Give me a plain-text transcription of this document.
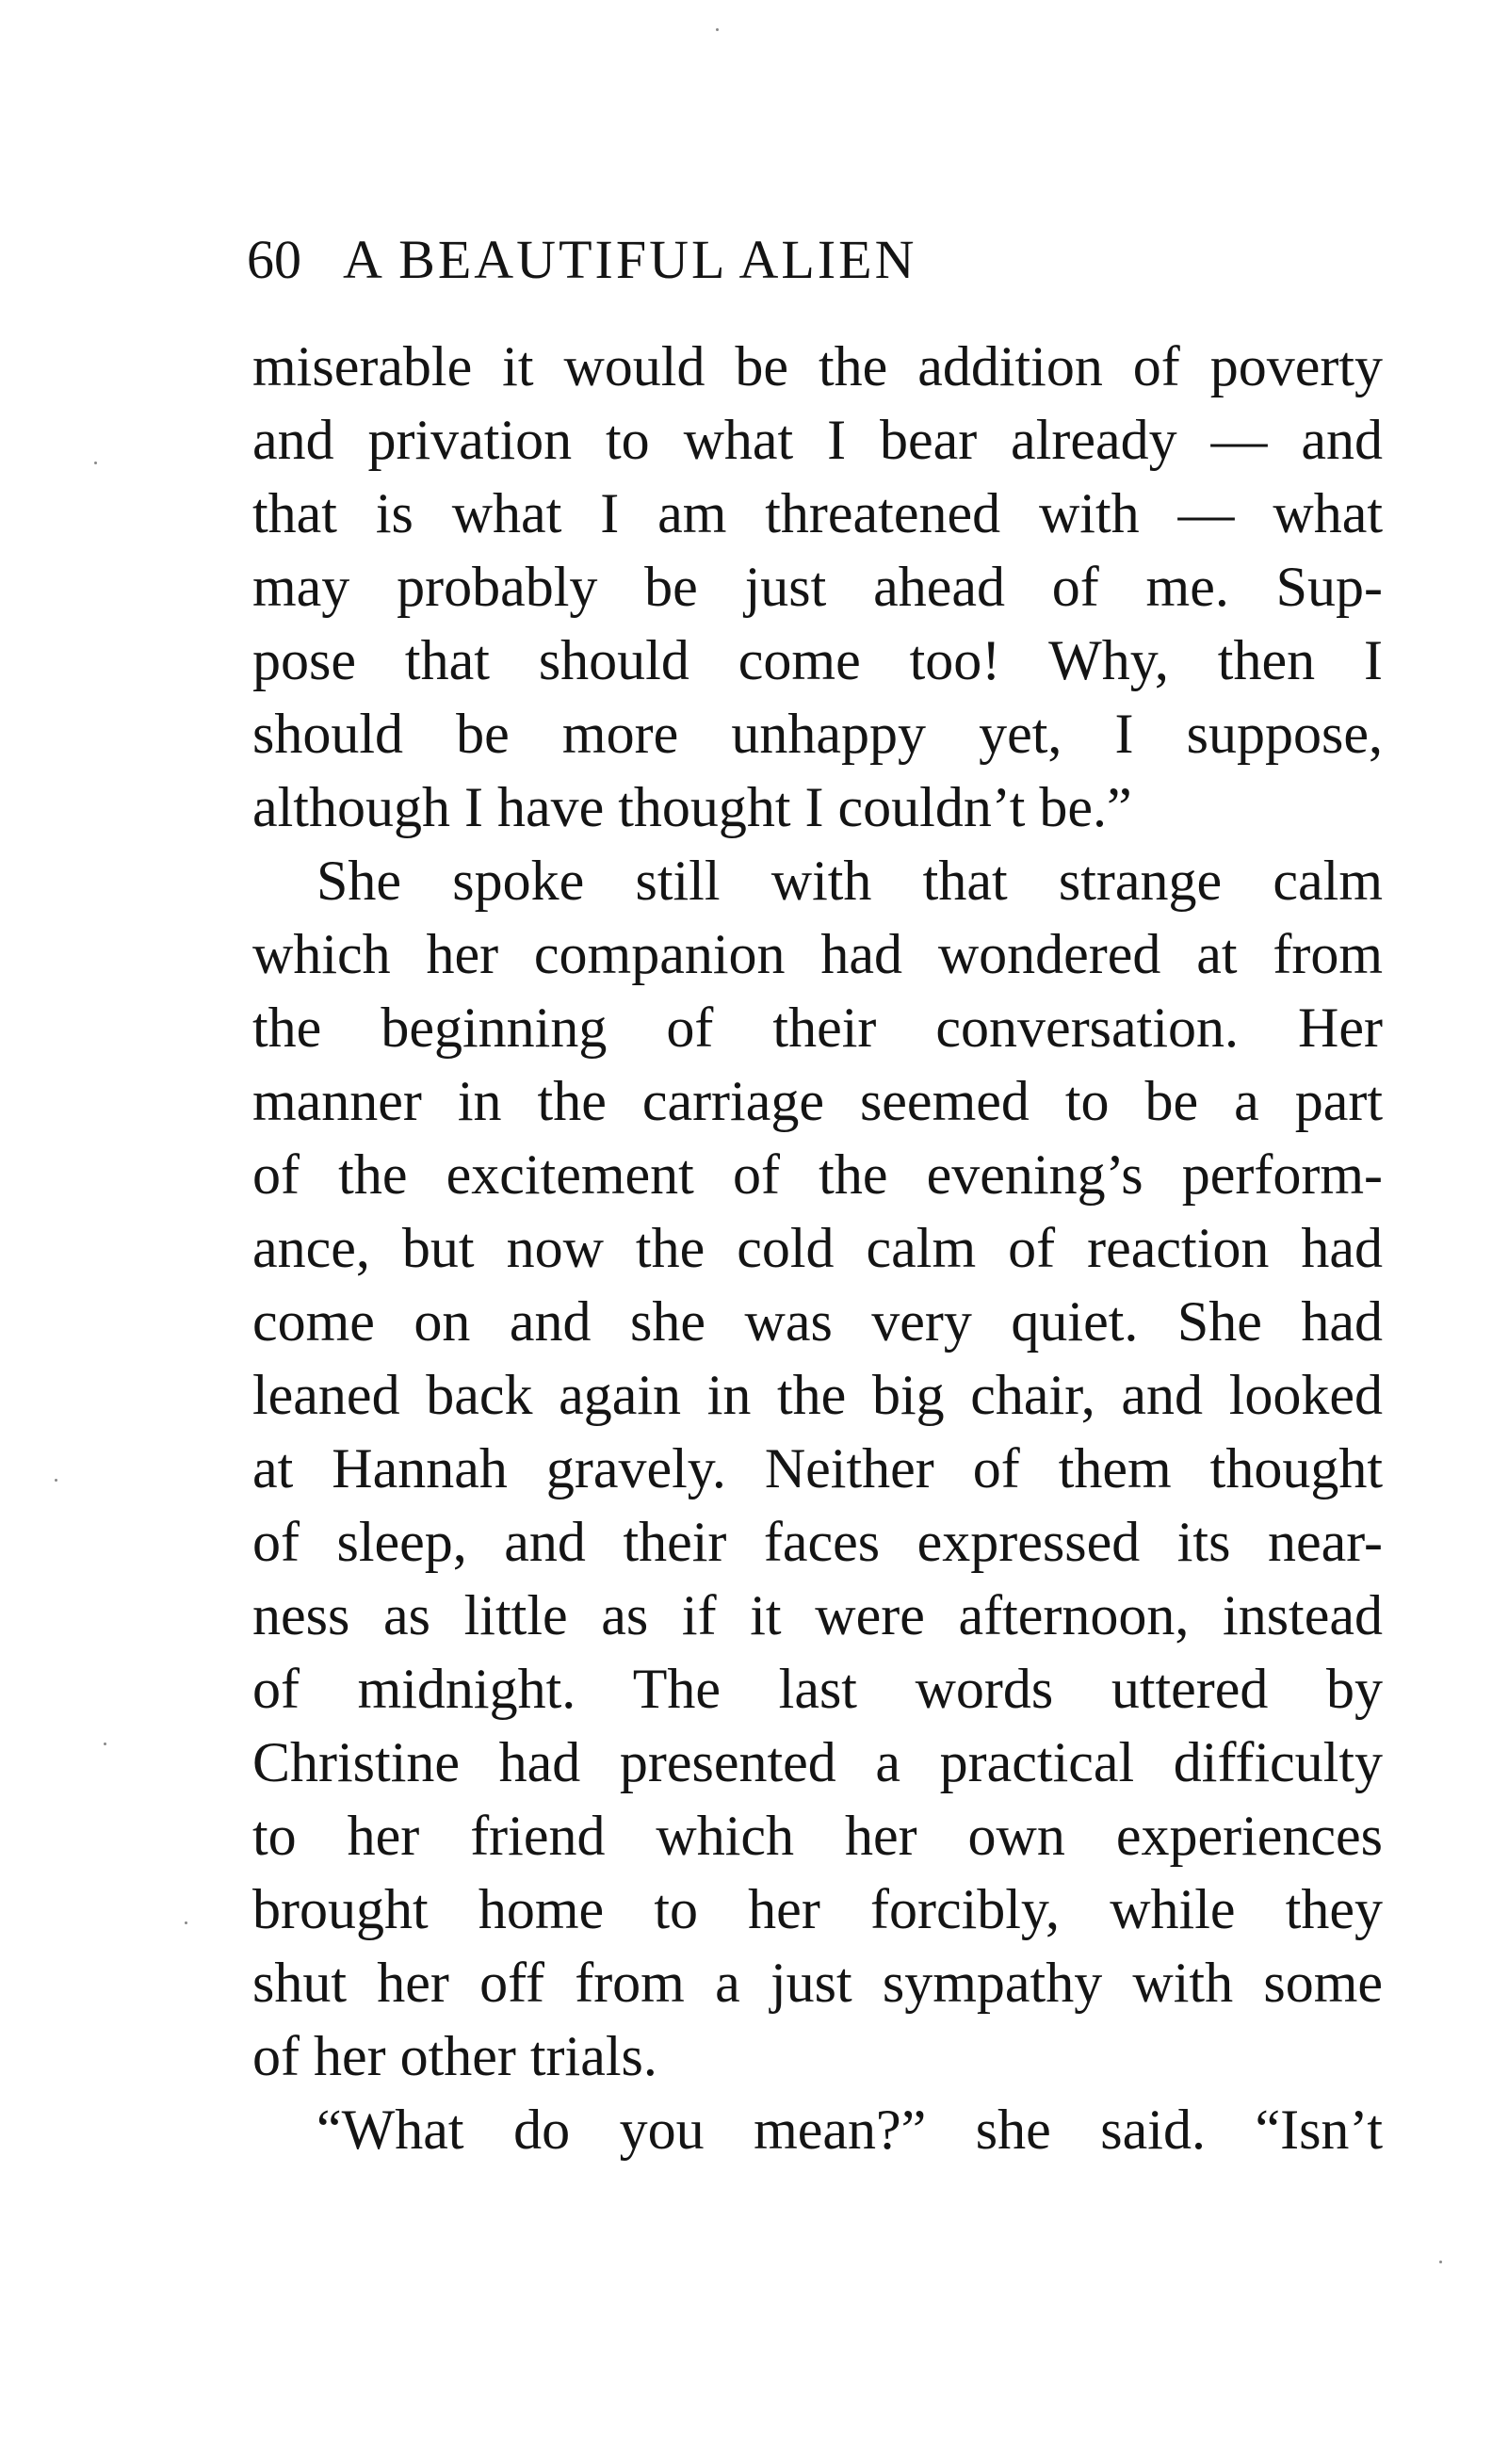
60 A BEAUTIFUL ALIEN
miserable it would be the addition of poverty
and privation to what I bear already — and
that is what I am threatened with — what
may probably be just ahead of me. Sup-
pose that should come too! Why, then I
should be more unhappy yet, I suppose,
although I have thought I couldn’t be.”
She spoke still with that strange calm
which her companion had wondered at from
the beginning of their conversation. Her
manner in the carriage seemed to be a part
of the excitement of the evening’s perform-
ance, but now the cold calm of reaction had
come on and she was very quiet. She had
leaned back again in the big chair, and looked
at Hannah gravely. Neither of them thought
of sleep, and their faces expressed its near-
ness as little as if it were afternoon, instead
of midnight. The last words uttered by
Christine had presented a practical difficulty
to her friend which her own experiences
brought home to her forcibly, while they
shut her off from a just sympathy with some
of her other trials.
“What do you mean?” she said. “Isn’t
